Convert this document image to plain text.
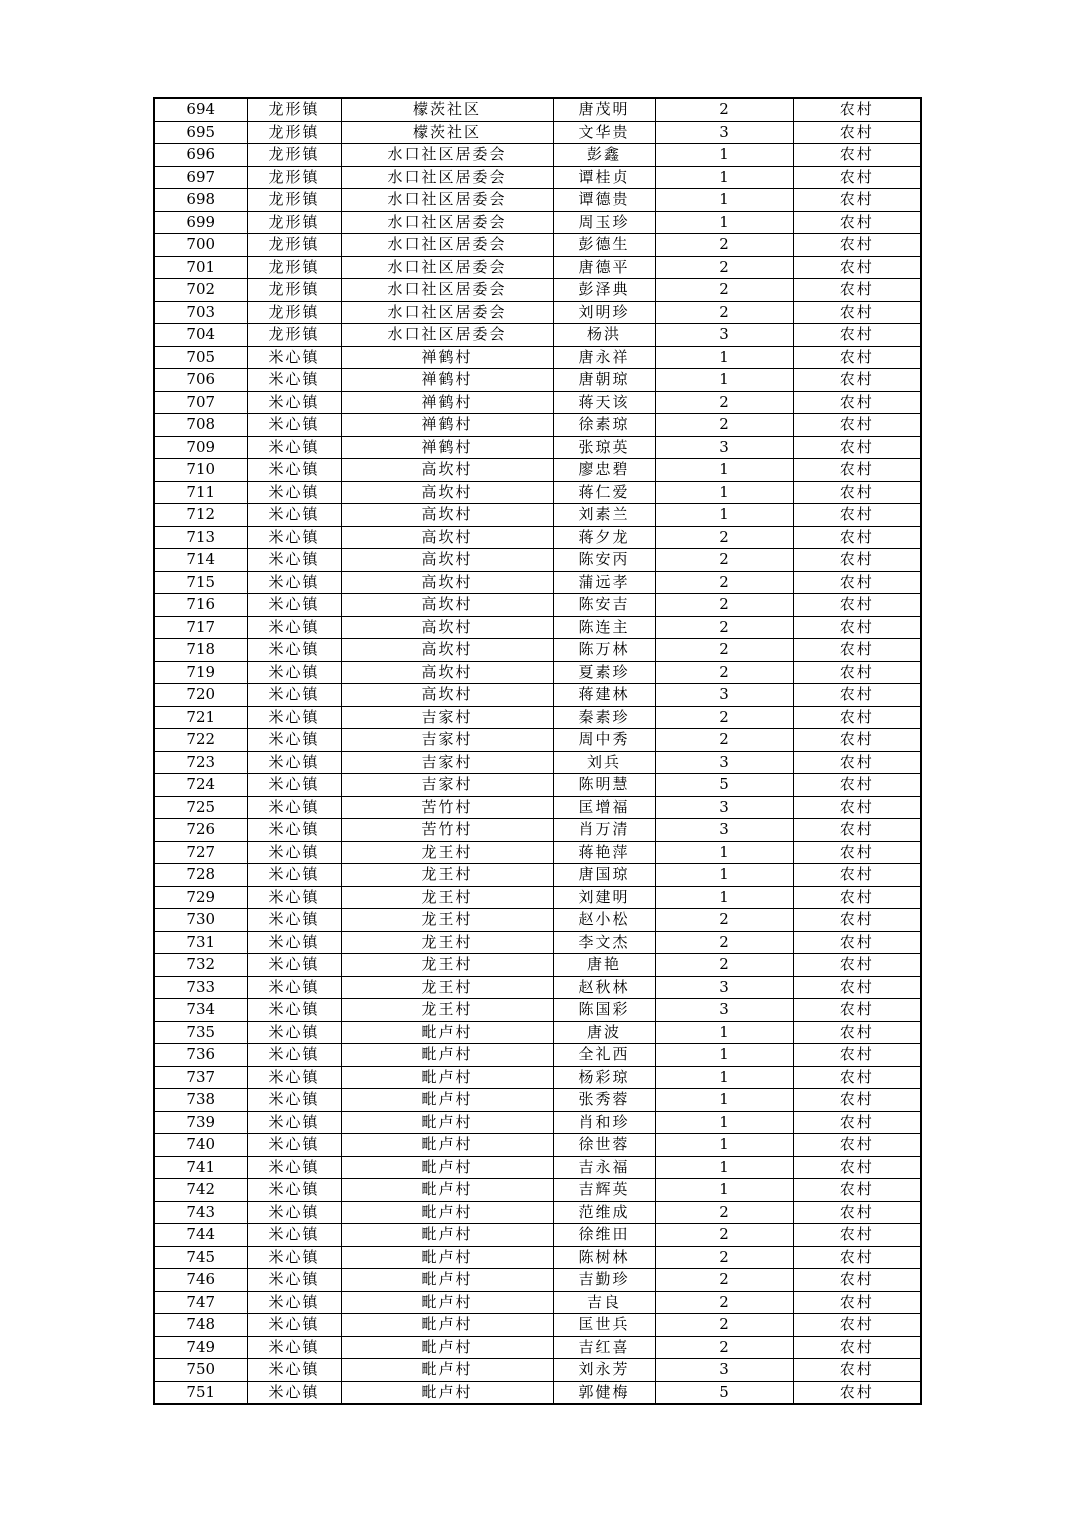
694	龙形镇	檬茨社区	唐茂明	2	农村
695	龙形镇	檬茨社区	文华贵	3	农村
696	龙形镇	水口社区居委会	彭鑫	1	农村
697	龙形镇	水口社区居委会	谭桂贞	1	农村
698	龙形镇	水口社区居委会	谭德贵	1	农村
699	龙形镇	水口社区居委会	周玉珍	1	农村
700	龙形镇	水口社区居委会	彭德生	2	农村
701	龙形镇	水口社区居委会	唐德平	2	农村
702	龙形镇	水口社区居委会	彭泽典	2	农村
703	龙形镇	水口社区居委会	刘明珍	2	农村
704	龙形镇	水口社区居委会	杨洪	3	农村
705	米心镇	禅鹤村	唐永祥	1	农村
706	米心镇	禅鹤村	唐朝琼	1	农村
707	米心镇	禅鹤村	蒋天该	2	农村
708	米心镇	禅鹤村	徐素琼	2	农村
709	米心镇	禅鹤村	张琼英	3	农村
710	米心镇	高坎村	廖忠碧	1	农村
711	米心镇	高坎村	蒋仁爱	1	农村
712	米心镇	高坎村	刘素兰	1	农村
713	米心镇	高坎村	蒋夕龙	2	农村
714	米心镇	高坎村	陈安丙	2	农村
715	米心镇	高坎村	蒲远孝	2	农村
716	米心镇	高坎村	陈安吉	2	农村
717	米心镇	高坎村	陈连主	2	农村
718	米心镇	高坎村	陈万林	2	农村
719	米心镇	高坎村	夏素珍	2	农村
720	米心镇	高坎村	蒋建林	3	农村
721	米心镇	吉家村	秦素珍	2	农村
722	米心镇	吉家村	周中秀	2	农村
723	米心镇	吉家村	刘兵	3	农村
724	米心镇	吉家村	陈明慧	5	农村
725	米心镇	苦竹村	匡增福	3	农村
726	米心镇	苦竹村	肖万清	3	农村
727	米心镇	龙王村	蒋艳萍	1	农村
728	米心镇	龙王村	唐国琼	1	农村
729	米心镇	龙王村	刘建明	1	农村
730	米心镇	龙王村	赵小松	2	农村
731	米心镇	龙王村	李文杰	2	农村
732	米心镇	龙王村	唐艳	2	农村
733	米心镇	龙王村	赵秋林	3	农村
734	米心镇	龙王村	陈国彩	3	农村
735	米心镇	毗卢村	唐波	1	农村
736	米心镇	毗卢村	全礼西	1	农村
737	米心镇	毗卢村	杨彩琼	1	农村
738	米心镇	毗卢村	张秀蓉	1	农村
739	米心镇	毗卢村	肖和珍	1	农村
740	米心镇	毗卢村	徐世蓉	1	农村
741	米心镇	毗卢村	吉永福	1	农村
742	米心镇	毗卢村	吉辉英	1	农村
743	米心镇	毗卢村	范维成	2	农村
744	米心镇	毗卢村	徐维田	2	农村
745	米心镇	毗卢村	陈树林	2	农村
746	米心镇	毗卢村	吉勤珍	2	农村
747	米心镇	毗卢村	吉良	2	农村
748	米心镇	毗卢村	匡世兵	2	农村
749	米心镇	毗卢村	吉红喜	2	农村
750	米心镇	毗卢村	刘永芳	3	农村
751	米心镇	毗卢村	郭健梅	5	农村
